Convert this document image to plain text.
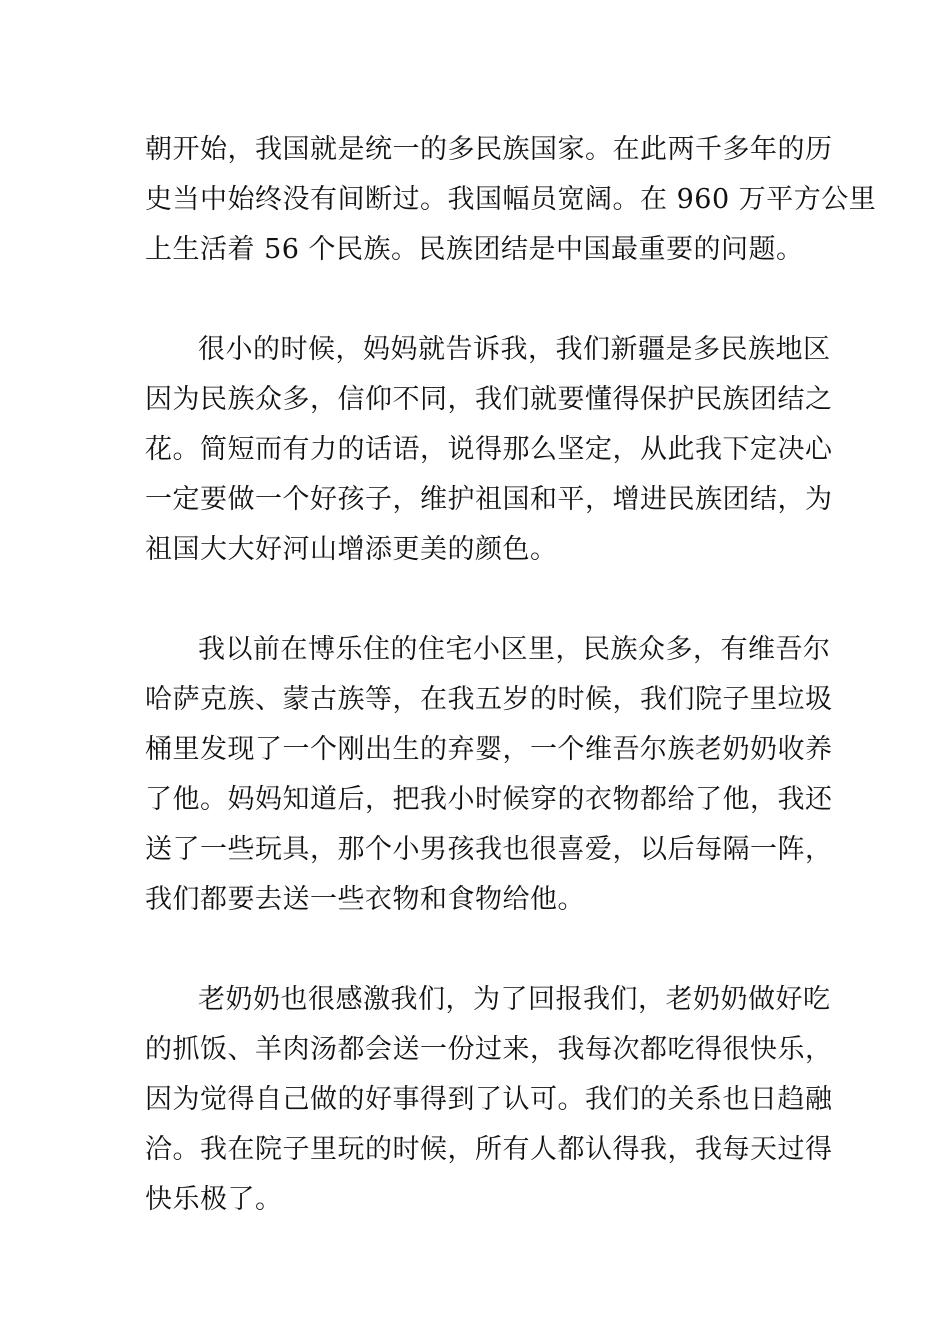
朝开始，我国就是统一的多民族国家。在此两千多年的历
史当中始终没有间断过。我国幅员宽阔。在 960 万平方公里
上生活着 56 个民族。民族团结是中国最重要的问题。
很小的时候，妈妈就告诉我，我们新疆是多民族地区
因为民族众多，信仰不同，我们就要懂得保护民族团结之
花。简短而有力的话语，说得那么坚定，从此我下定决心
一定要做一个好孩子，维护祖国和平，增进民族团结，为
祖国大大好河山增添更美的颜色。
我以前在博乐住的住宅小区里，民族众多，有维吾尔
哈萨克族、蒙古族等，在我五岁的时候，我们院子里垃圾
桶里发现了一个刚出生的弃婴，一个维吾尔族老奶奶收养
了他。妈妈知道后，把我小时候穿的衣物都给了他，我还
送了一些玩具，那个小男孩我也很喜爱，以后每隔一阵，
我们都要去送一些衣物和食物给他。
老奶奶也很感激我们，为了回报我们，老奶奶做好吃
的抓饭、羊肉汤都会送一份过来，我每次都吃得很快乐，
因为觉得自己做的好事得到了认可。我们的关系也日趋融
洽。我在院子里玩的时候，所有人都认得我，我每天过得
快乐极了。
